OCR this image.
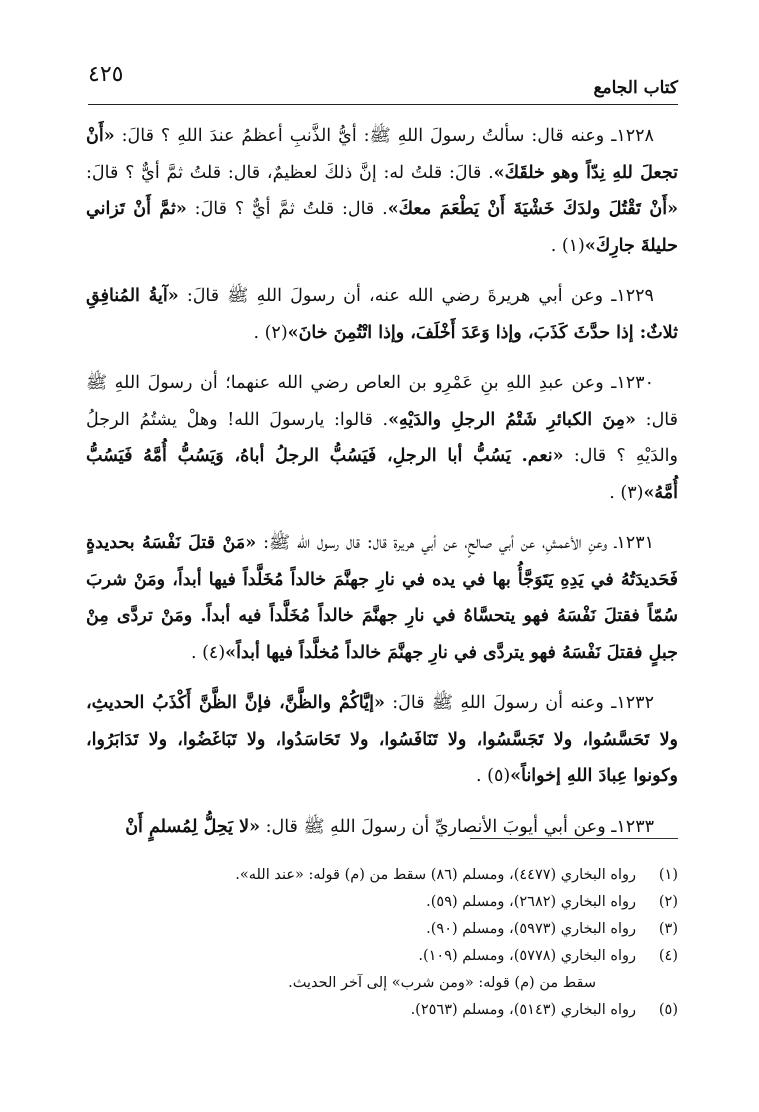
٤٢٥
كتاب الجامع

١٢٢٨ـ وعنه قال: سألتُ رسولَ اللهِ ﷺ: أيُّ الذَّنبِ أعظمُ عندَ اللهِ ؟ قالَ: «أَنْ تجعلَ للهِ نِدّاً وهو خلقَكَ». قالَ: قلتُ له: إنَّ ذلكَ لعظيمٌ، قال: قلتُ ثمَّ أيٌّ ؟ قالَ: «أَنْ تَقْتُلَ ولدَكَ خَشْيَةَ أَنْ يَطْعَمَ معكَ». قال: قلتُ ثمَّ أيٌّ ؟ قالَ: «ثمَّ أَنْ تَزاني حليلةَ جارِكَ»(١) .

١٢٢٩ـ وعن أبي هريرةَ رضي الله عنه، أن رسولَ اللهِ ﷺ قالَ: «آيةُ المُنافِقِ ثلاثٌ: إذا حدَّثَ كَذَبَ، وإذا وَعَدَ أَخْلَفَ، وإذا اتْتُمِنَ خانَ»(٢) .

١٢٣٠ـ وعن عبدِ اللهِ بنِ عَمْرِو بن العاص رضي الله عنهما؛ أن رسولَ اللهِ ﷺ قال: «مِنَ الكبائرِ شَتْمُ الرجلِ والدَيْهِ». قالوا: يارسولَ الله! وهلْ يشتُمُ الرجلُ والدَيْهِ ؟ قال: «نعم. يَسُبُّ أبا الرجلِ، فَيَسُبُّ الرجلُ أباهُ، وَيَسُبُّ أُمَّهُ فَيَسُبُّ أُمَّهُ»(٣) .

١٢٣١ـ وعنِ الأعمشِ، عن أبي صالحٍ، عن أبي هريرة قال: قال رسول الله ﷺ: «مَنْ قتلَ نَفْسَهُ بحديدةٍ فَحَديدَتُهُ في يَدِهِ يَتَوَجَّأُ بها في يده في نارِ جهنَّمَ خالداً مُخَلَّداً فيها أبداً، ومَنْ شربَ سُمّاً فقتلَ نَفْسَهُ فهو يتحسَّاهُ في نارِ جهنَّمَ خالداً مُخَلَّداً فيه أبداً. ومَنْ تردَّى مِنْ جبلٍ فقتلَ نَفْسَهُ فهو يتردَّى في نارِ جهنَّمَ خالداً مُخلَّداً فيها أبداً»(٤) .

١٢٣٢ـ وعنه أن رسولَ اللهِ ﷺ قالَ: «إيَّاكُمْ والظَّنَّ، فإنَّ الظَّنَّ أَكْذَبُ الحديثِ، ولا تَحَسَّسُوا، ولا تَجَسَّسُوا، ولا تَنَافَسُوا، ولا تَحَاسَدُوا، ولا تَبَاغَضُوا، ولا تَدَابَرُوا، وكونوا عِبادَ اللهِ إخواناً»(٥) .

١٢٣٣ـ وعن أبي أيوبَ الأنصاريِّ أن رسولَ اللهِ ﷺ قال: «لا يَحِلُّ لِمُسلمٍ أَنْ

(١)رواه البخاري (٤٤٧٧)، ومسلم (٨٦) سقط من (م) قوله: «عند الله».
(٢)رواه البخاري (٢٦٨٢)، ومسلم (٥٩).
(٣)رواه البخاري (٥٩٧٣)، ومسلم (٩٠).
(٤)رواه البخاري (٥٧٧٨)، ومسلم (١٠٩).
سقط من (م) قوله: «ومن شرب» إلى آخر الحديث.
(٥)رواه البخاري (٥١٤٣)، ومسلم (٢٥٦٣).
